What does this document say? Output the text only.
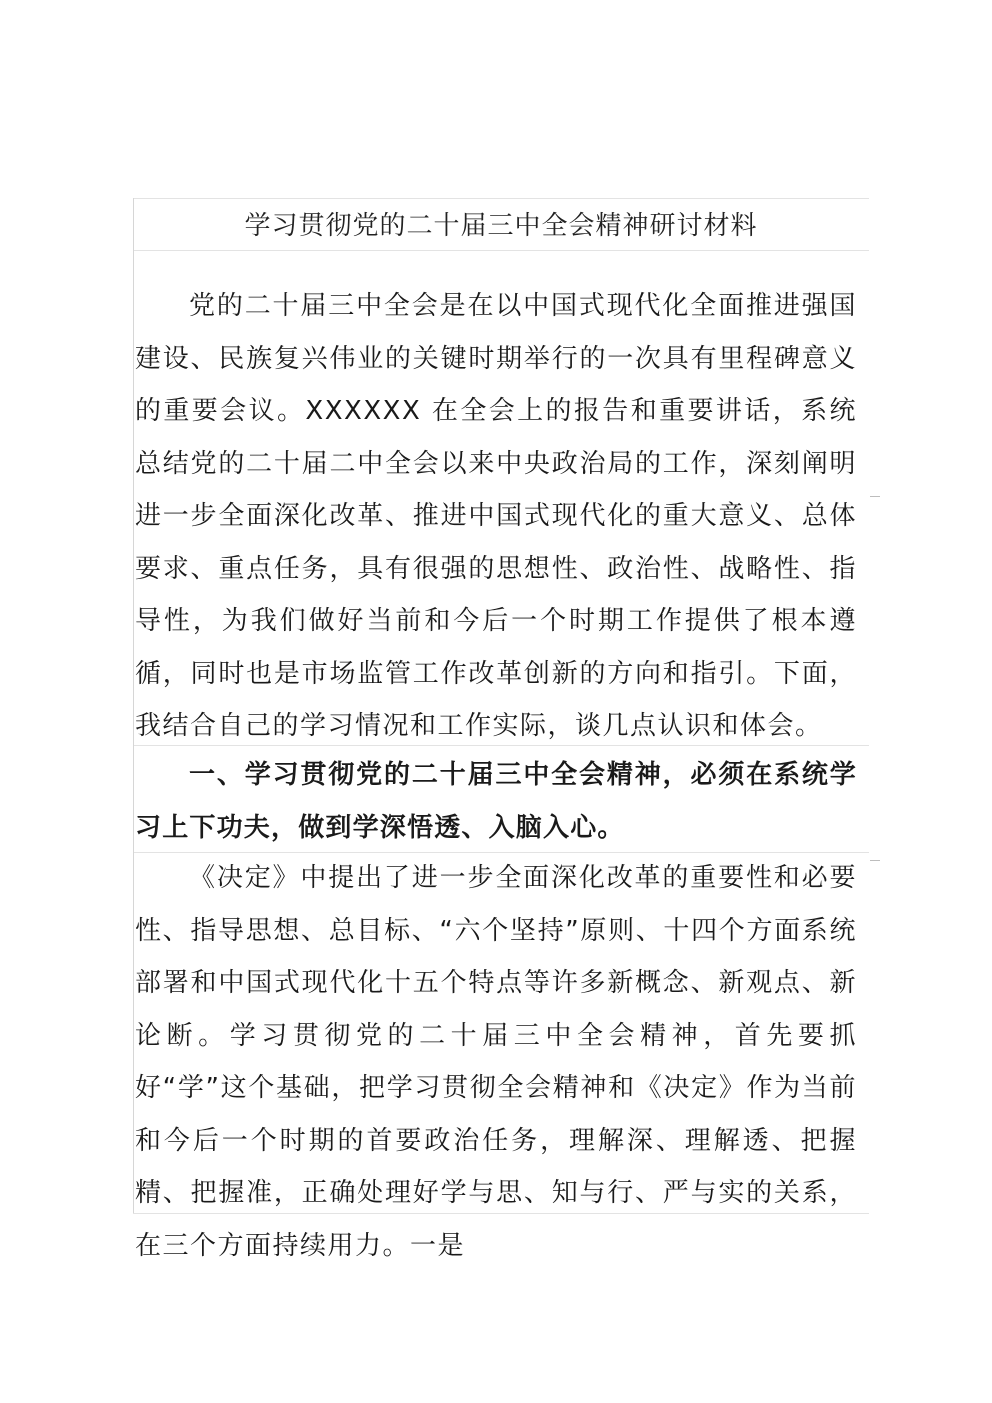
学习贯彻党的二十届三中全会精神研讨材料

党的二十届三中全会是在以中国式现代化全面推进强国建设、民族复兴伟业的关键时期举行的一次具有里程碑意义的重要会议。XXXXXX 在全会上的报告和重要讲话，系统总结党的二十届二中全会以来中央政治局的工作，深刻阐明进一步全面深化改革、推进中国式现代化的重大意义、总体要求、重点任务，具有很强的思想性、政治性、战略性、指导性，为我们做好当前和今后一个时期工作提供了根本遵循，同时也是市场监管工作改革创新的方向和指引。下面，我结合自己的学习情况和工作实际，谈几点认识和体会。

一、学习贯彻党的二十届三中全会精神，必须在系统学习上下功夫，做到学深悟透、入脑入心。

《决定》中提出了进一步全面深化改革的重要性和必要性、指导思想、总目标、“六个坚持”原则、十四个方面系统部署和中国式现代化十五个特点等许多新概念、新观点、新论断。学习贯彻党的二十届三中全会精神，首先要抓好“学”这个基础，把学习贯彻全会精神和《决定》作为当前和今后一个时期的首要政治任务，理解深、理解透、把握精、把握准，正确处理好学与思、知与行、严与实的关系，在三个方面持续用力。一是
